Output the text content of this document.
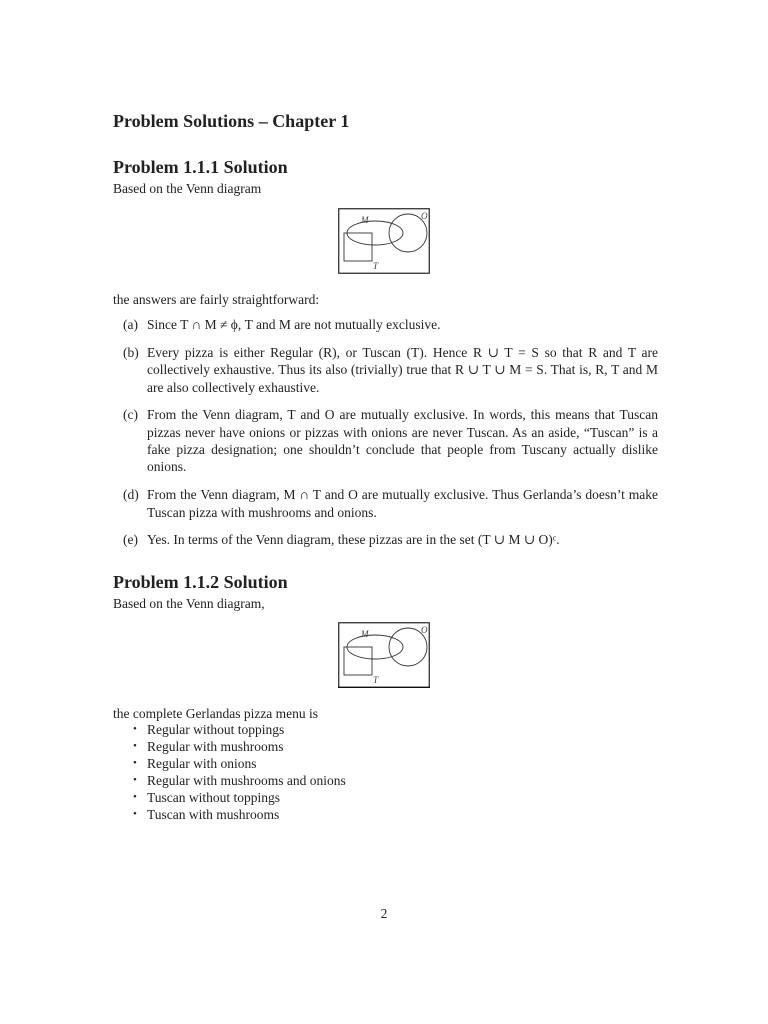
Problem Solutions – Chapter 1
Problem 1.1.1 Solution

Based on the Venn diagram

M	O
T

the answers are fairly straightforward:

(a) Since T ∩ M ≠ ϕ, T and M are not mutually exclusive.
(b) Every pizza is either Regular (R), or Tuscan (T). Hence R ∪ T = S so that R and T are collectively exhaustive. Thus its also (trivially) true that R ∪ T ∪ M = S. That is, R, T and M are also collectively exhaustive.
(c) From the Venn diagram, T and O are mutually exclusive. In words, this means that Tuscan pizzas never have onions or pizzas with onions are never Tuscan. As an aside, “Tuscan” is a fake pizza designation; one shouldn’t conclude that people from Tuscany actually dislike onions.
(d) From the Venn diagram, M ∩ T and O are mutually exclusive. Thus Gerlanda’s doesn’t make Tuscan pizza with mushrooms and onions.
(e) Yes. In terms of the Venn diagram, these pizzas are in the set (T ∪ M ∪ O)ᶜ.
Problem 1.1.2 Solution

Based on the Venn diagram,

M	O
T

the complete Gerlandas pizza menu is

• Regular without toppings
• Regular with mushrooms
• Regular with onions
• Regular with mushrooms and onions
• Tuscan without toppings
• Tuscan with mushrooms
2
